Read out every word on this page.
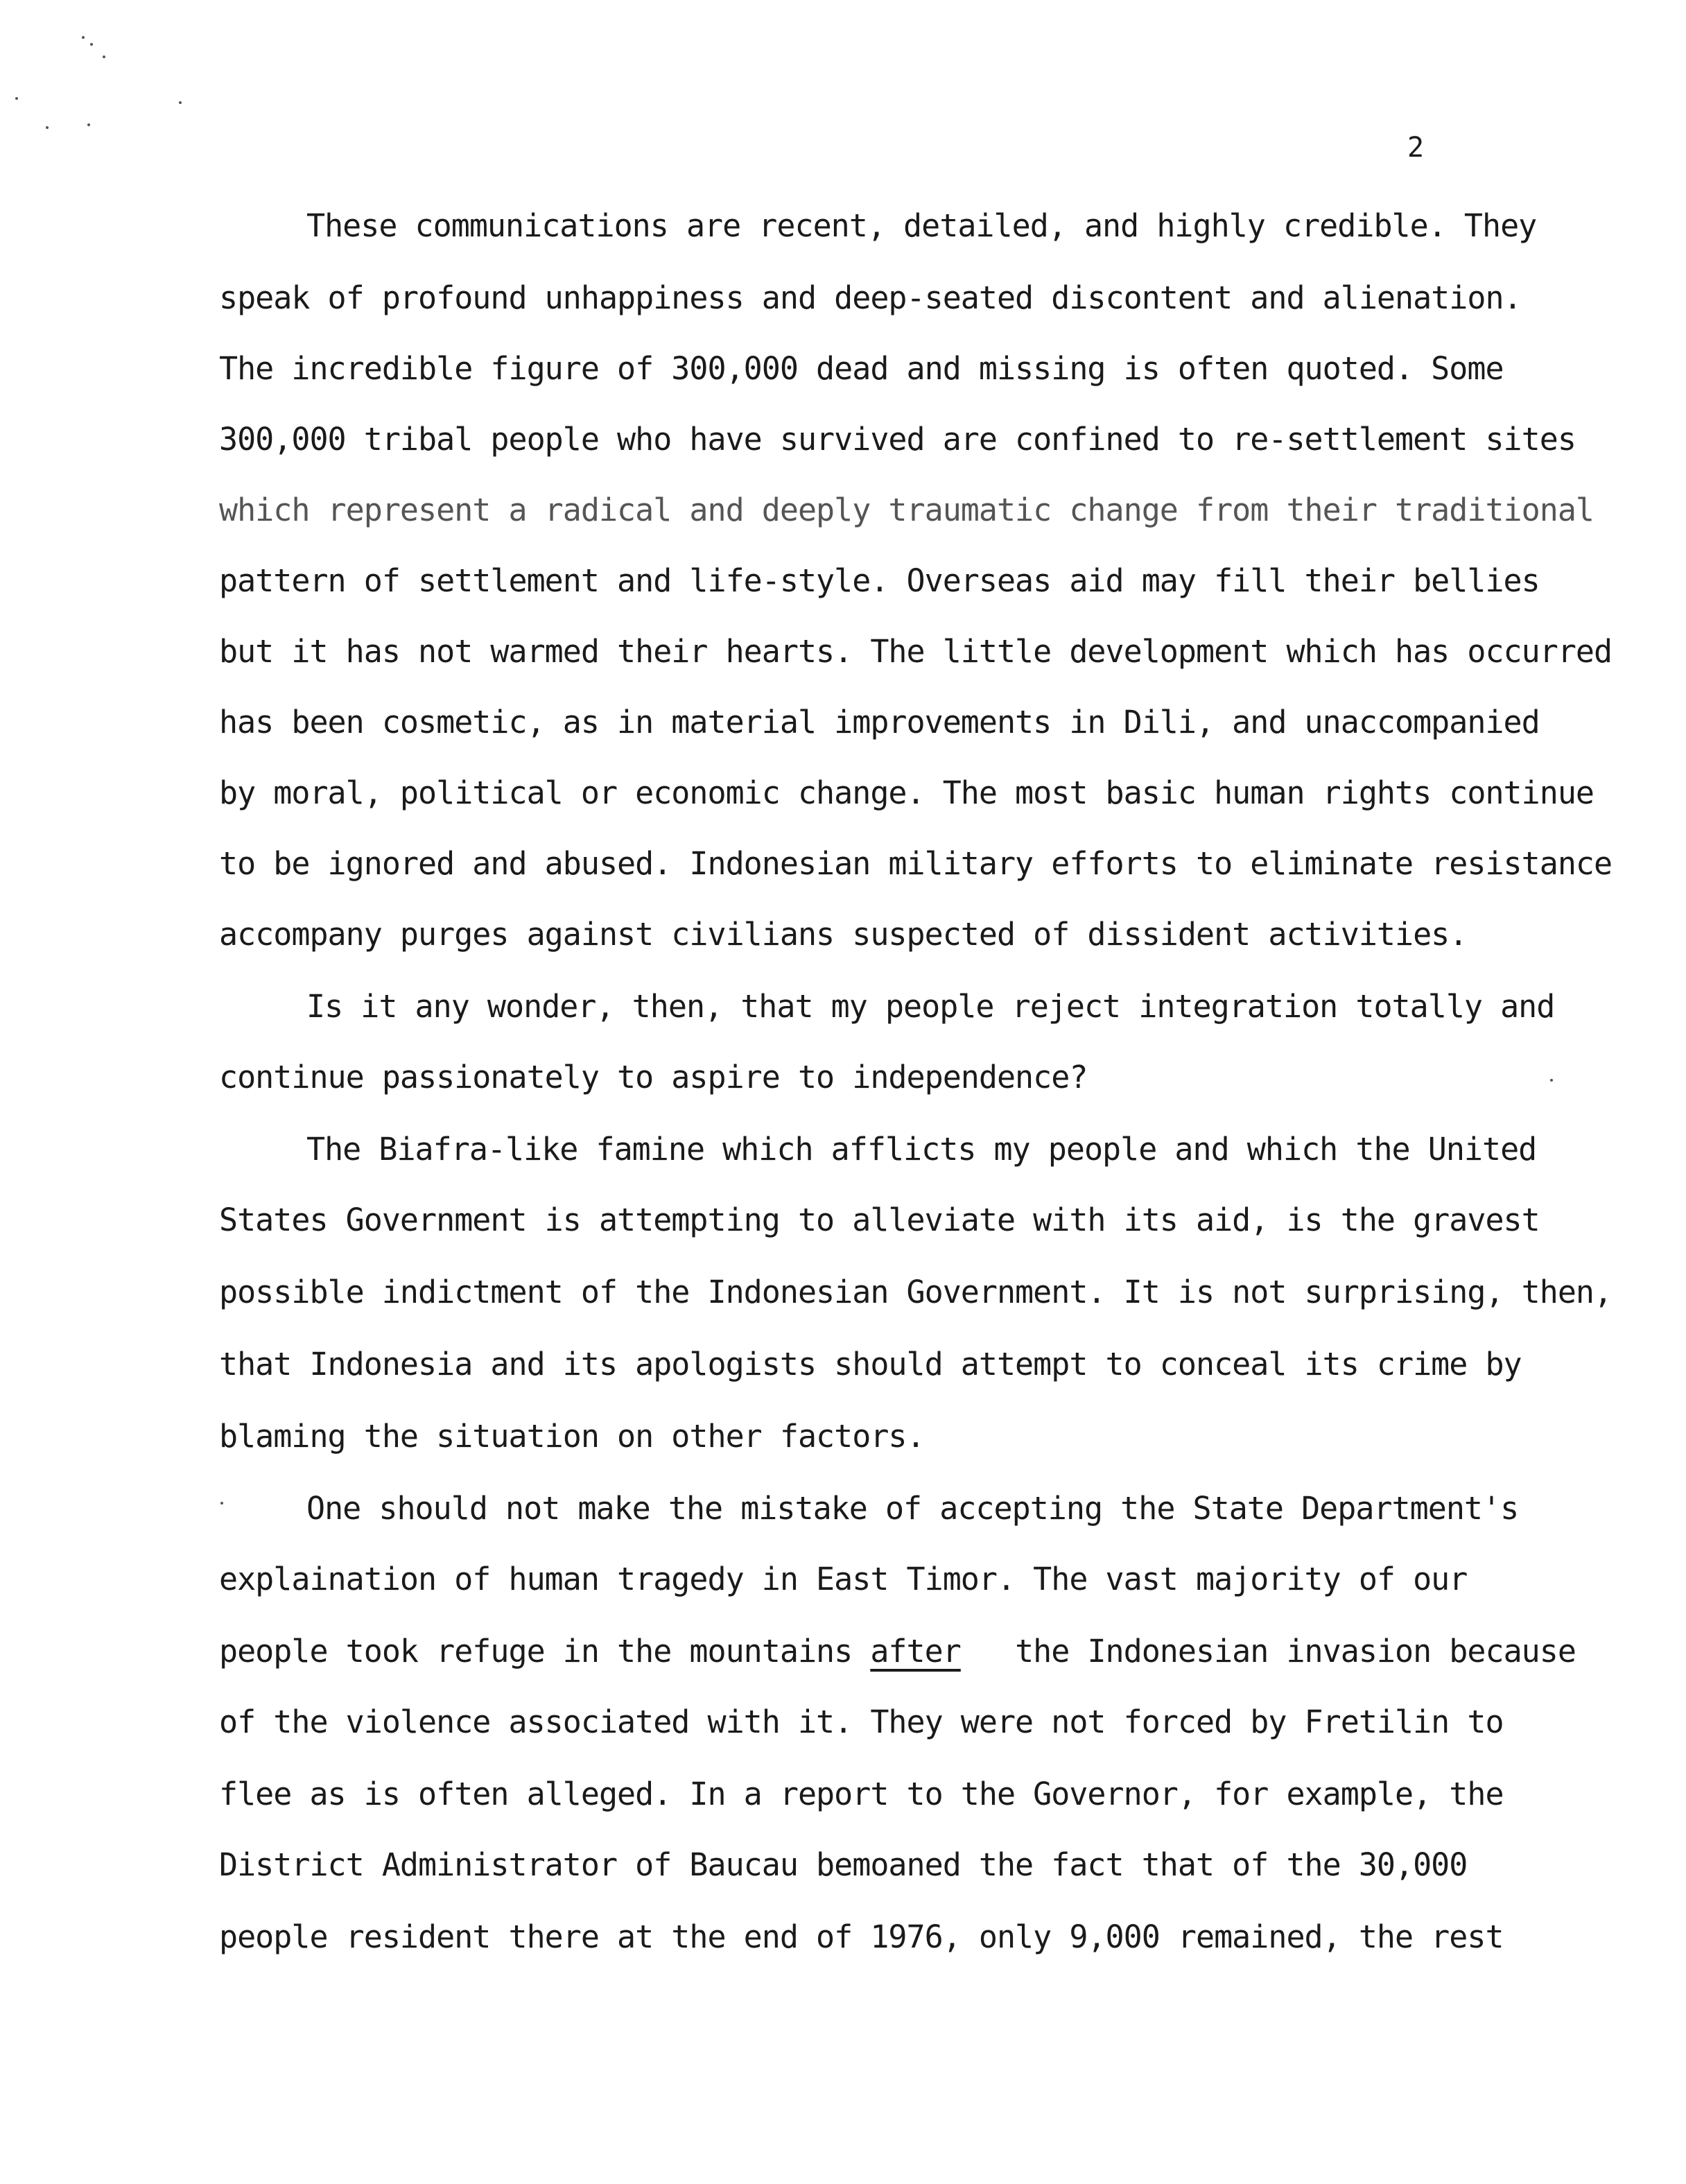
2
These communications are recent, detailed, and highly credible. They
speak of profound unhappiness and deep-seated discontent and alienation.
The incredible figure of 300,000 dead and missing is often quoted. Some
300,000 tribal people who have survived are confined to re-settlement sites
which represent a radical and deeply traumatic change from their traditional
pattern of settlement and life-style. Overseas aid may fill their bellies
but it has not warmed their hearts. The little development which has occurred
has been cosmetic, as in material improvements in Dili, and unaccompanied
by moral, political or economic change. The most basic human rights continue
to be ignored and abused. Indonesian military efforts to eliminate resistance
accompany purges against civilians suspected of dissident activities.
Is it any wonder, then, that my people reject integration totally and
continue passionately to aspire to independence?
The Biafra-like famine which afflicts my people and which the United
States Government is attempting to alleviate with its aid, is the gravest
possible indictment of the Indonesian Government. It is not surprising, then,
that Indonesia and its apologists should attempt to conceal its crime by
blaming the situation on other factors.
One should not make the mistake of accepting the State Department's
explaination of human tragedy in East Timor. The vast majority of our
people took refuge in the mountains after   the Indonesian invasion because
of the violence associated with it. They were not forced by Fretilin to
flee as is often alleged. In a report to the Governor, for example, the
District Administrator of Baucau bemoaned the fact that of the 30,000
people resident there at the end of 1976, only 9,000 remained, the rest
